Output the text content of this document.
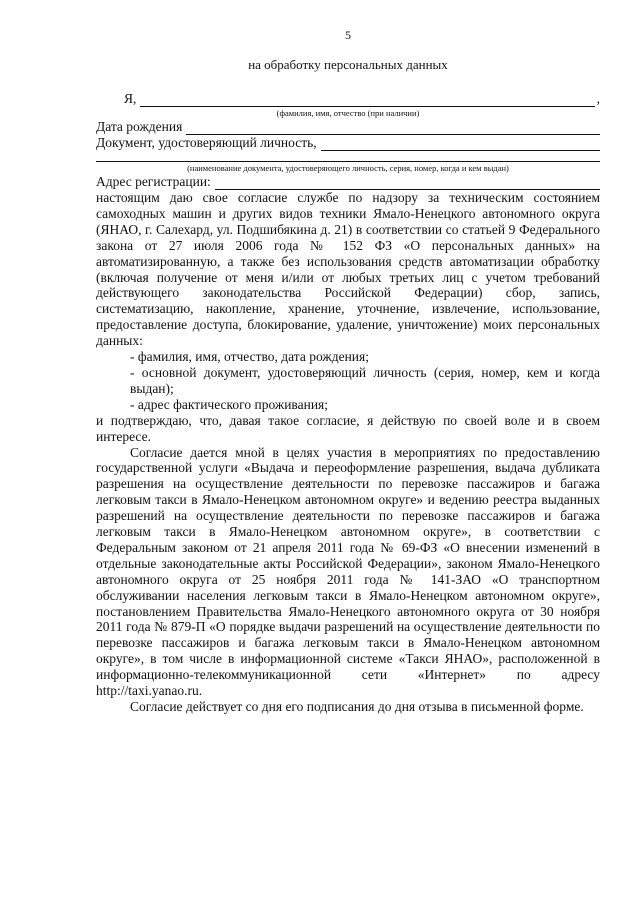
5
на обработку персональных данных
Я,	,
(фамилия, имя, отчество (при наличии)
Дата рождения
Документ, удостоверяющий личность,
(наименование документа, удостоверяющего личность, серия, номер, когда и кем выдан)
Адрес регистрации:

настоящим даю свое согласие службе по надзору за техническим состоянием самоходных машин и других видов техники Ямало-Ненецкого автономного округа (ЯНАО, г. Салехард, ул. Подшибякина д. 21) в соответствии со статьей 9 Федерального закона от 27 июля 2006 года № 152 ФЗ «О персональных данных» на автоматизированную, а также без использования средств автоматизации обработку (включая получение от меня и/или от любых третьих лиц с учетом требований действующего законодательства Российской Федерации) сбор, запись, систематизацию, накопление, хранение, уточнение, извлечение, использование, предоставление доступа, блокирование, удаление, уничтожение) моих персональных данных:

- фамилия, имя, отчество, дата рождения;

- основной документ, удостоверяющий личность (серия, номер, кем и когда выдан);

- адрес фактического проживания;

и подтверждаю, что, давая такое согласие, я действую по своей воле и в своем интересе.

Согласие дается мной в целях участия в мероприятиях по предоставлению государственной услуги «Выдача и переоформление разрешения, выдача дубликата разрешения на осуществление деятельности по перевозке пассажиров и багажа легковым такси в Ямало-Ненецком автономном округе» и ведению реестра выданных разрешений на осуществление деятельности по перевозке пассажиров и багажа легковым такси в Ямало-Ненецком автономном округе», в соответствии с Федеральным законом от 21 апреля 2011 года № 69-ФЗ «О внесении изменений в отдельные законодательные акты Российской Федерации», законом Ямало-Ненецкого автономного округа от 25 ноября 2011 года № 141-ЗАО «О транспортном обслуживании населения легковым такси в Ямало-Ненецком автономном округе», постановлением Правительства Ямало-Ненецкого автономного округа от 30 ноября 2011 года № 879-П «О порядке выдачи разрешений на осуществление деятельности по перевозке пассажиров и багажа легковым такси в Ямало-Ненецком автономном округе», в том числе в информационной системе «Такси ЯНАО», расположенной в информационно-телекоммуникационной сети «Интернет» по адресу http://taxi.yanao.ru.

Согласие действует со дня его подписания до дня отзыва в письменной форме.
